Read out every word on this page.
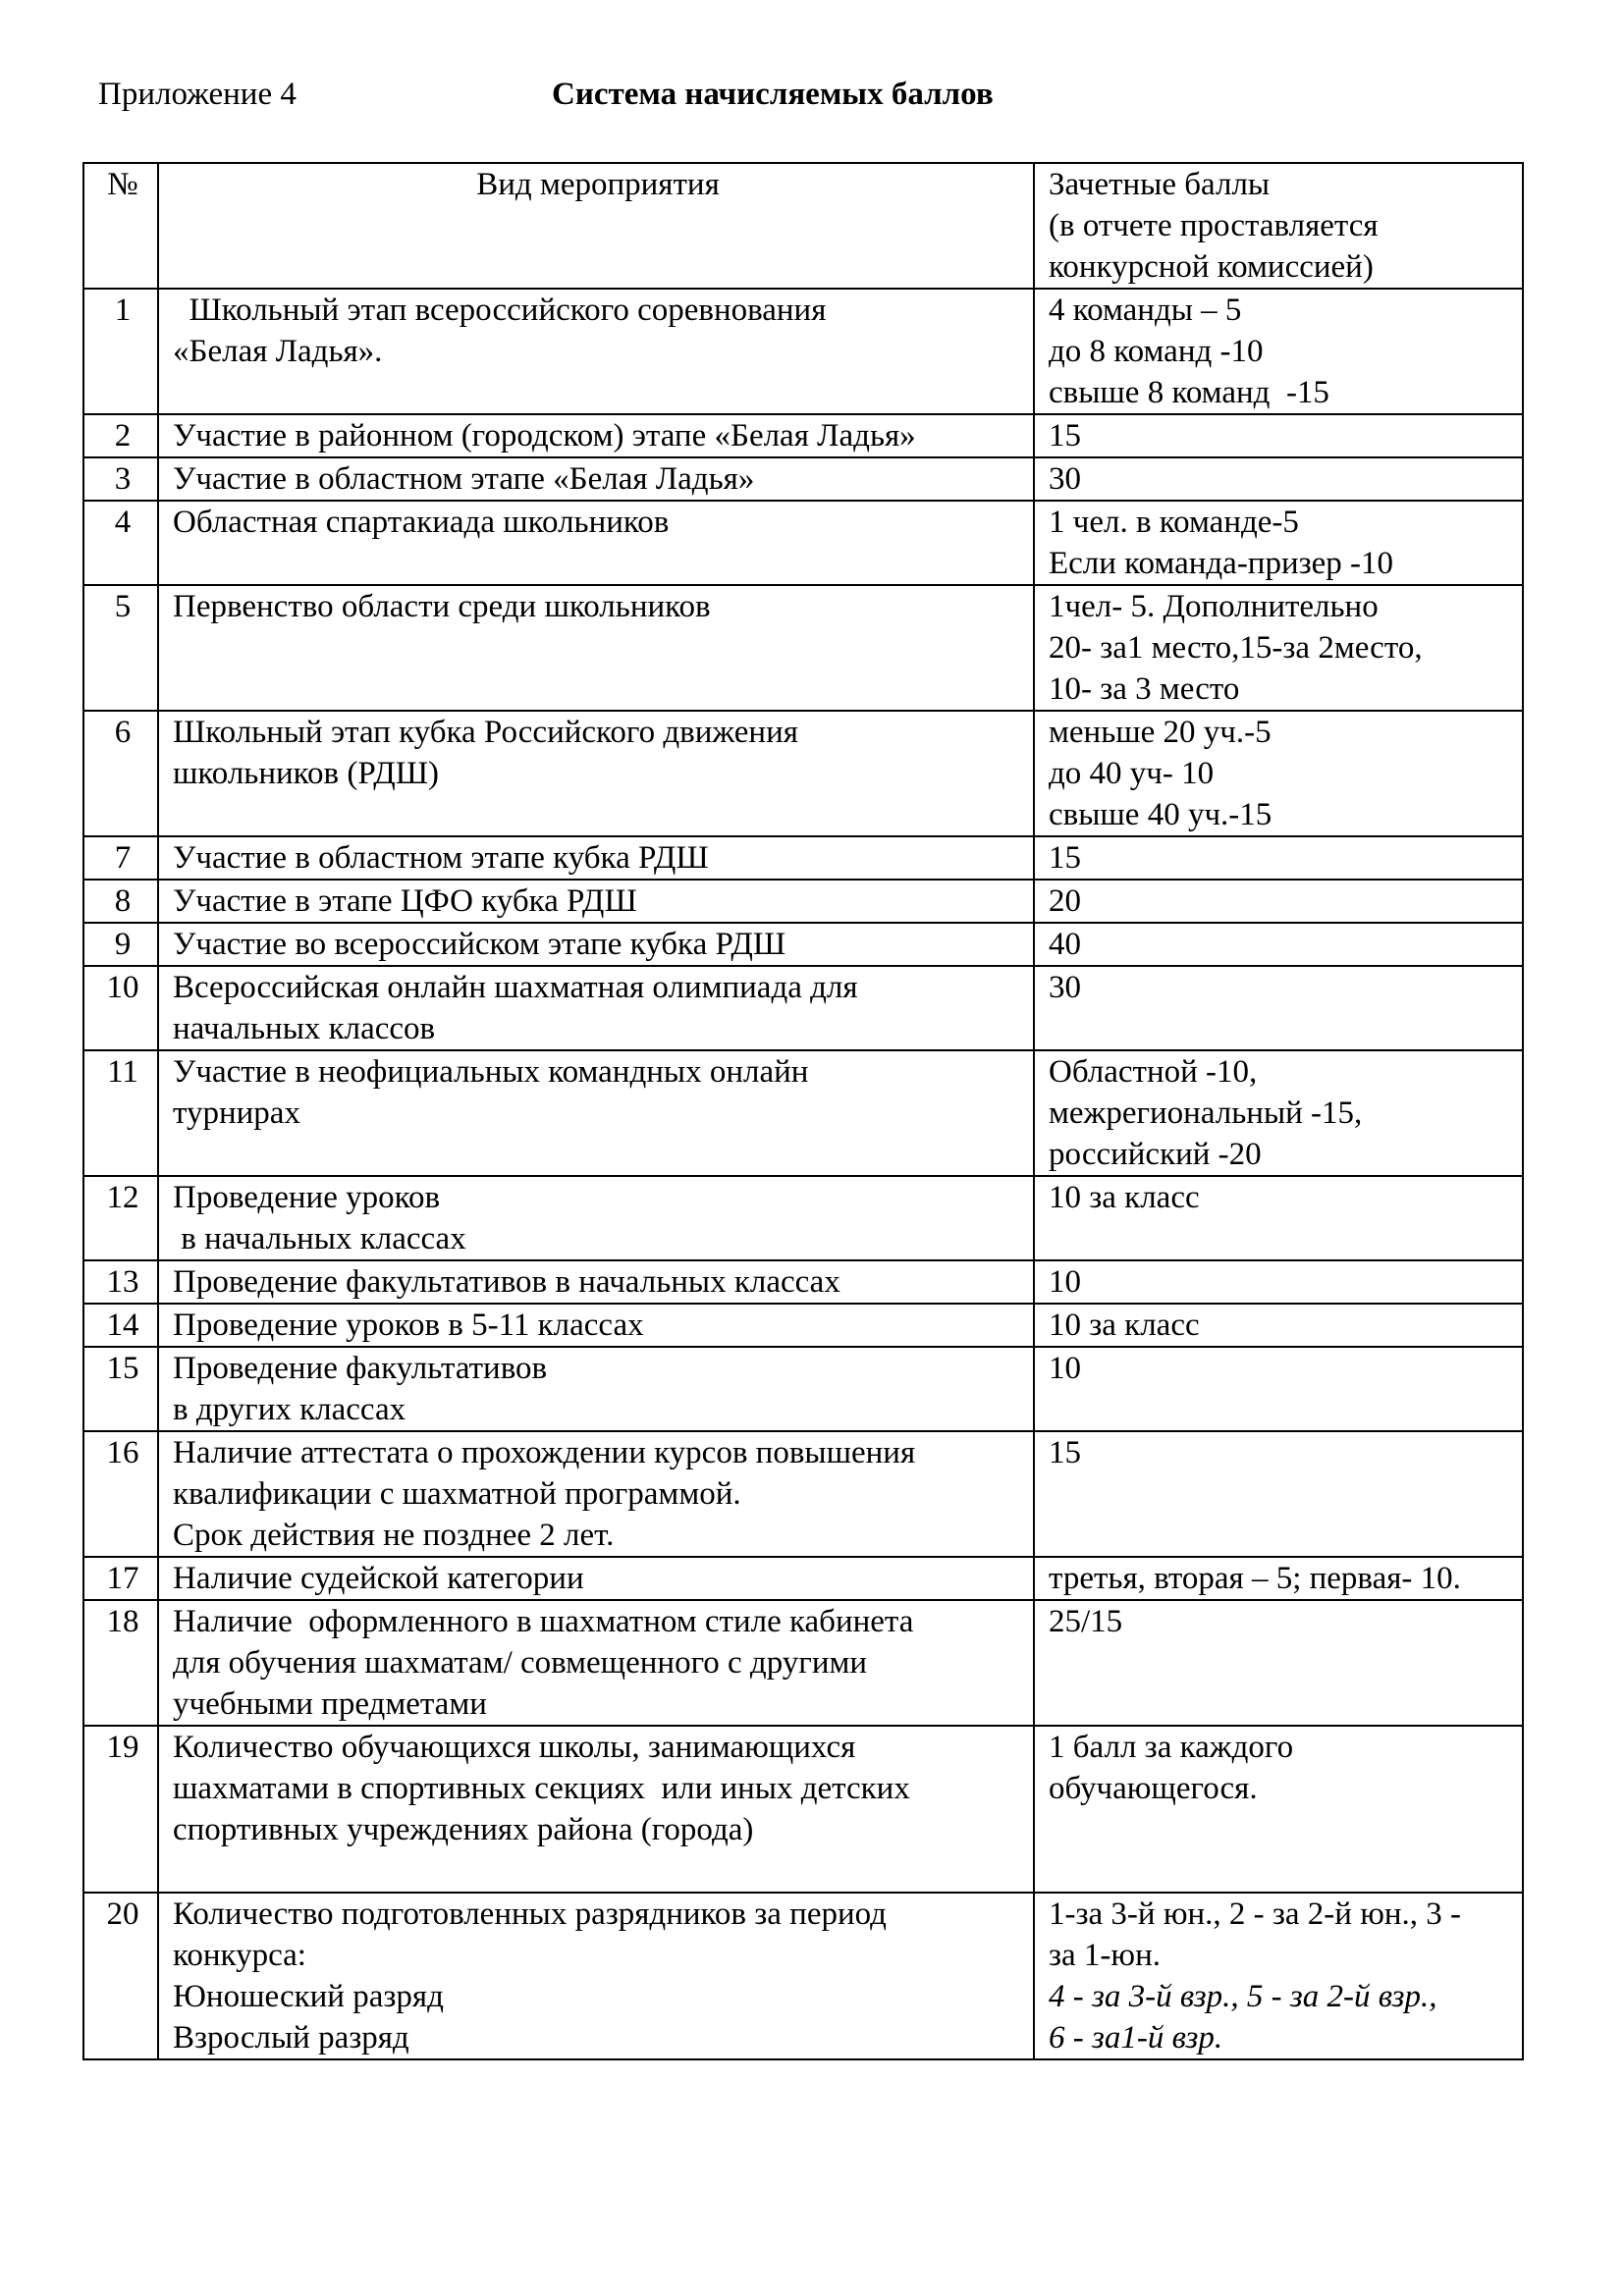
Приложение 4	Система начисляемых баллов
№	Вид мероприятия	Зачетные баллы
(в отчете проставляется
конкурсной комиссией)

1	Школьный этап всероссийского соревнования
«Белая Ладья».	4 команды – 5
до 8 команд -10
свыше 8 команд  -15

2	Участие в районном (городском) этапе «Белая Ладья»	15

3	Участие в областном этапе «Белая Ладья»	30

4	Областная спартакиада школьников	1 чел. в команде-5
Если команда-призер -10

5	Первенство области среди школьников	1чел- 5. Дополнительно
20- за1 место,15-за 2место,
10- за 3 место

6	Школьный этап кубка Российского движения
школьников (РДШ)	меньше 20 уч.-5
до 40 уч- 10
свыше 40 уч.-15

7	Участие в областном этапе кубка РДШ	15

8	Участие в этапе ЦФО кубка РДШ	20

9	Участие во всероссийском этапе кубка РДШ	40

10	Всероссийская онлайн шахматная олимпиада для
начальных классов	30

11	Участие в неофициальных командных онлайн
турнирах	Областной -10,
межрегиональный -15,
российский -20

12	Проведение уроков
в начальных классах	10 за класс

13	Проведение факультативов в начальных классах	10

14	Проведение уроков в 5-11 классах	10 за класс

15	Проведение факультативов
в других классах	10

16	Наличие аттестата о прохождении курсов повышения
квалификации с шахматной программой.
Срок действия не позднее 2 лет.	15

17	Наличие судейской категории	третья, вторая – 5; первая- 10.

18	Наличие  оформленного в шахматном стиле кабинета
для обучения шахматам/ совмещенного с другими
учебными предметами	25/15

19	Количество обучающихся школы, занимающихся
шахматами в спортивных секциях  или иных детских
спортивных учреждениях района (города)	1 балл за каждого
обучающегося.

20	Количество подготовленных разрядников за период
конкурса:
Юношеский разряд
Взрослый разряд	1-за 3-й юн., 2 - за 2-й юн., 3 -
за 1-юн.
4 - за 3-й взр., 5 - за 2-й взр.,
6 - за1-й взр.
